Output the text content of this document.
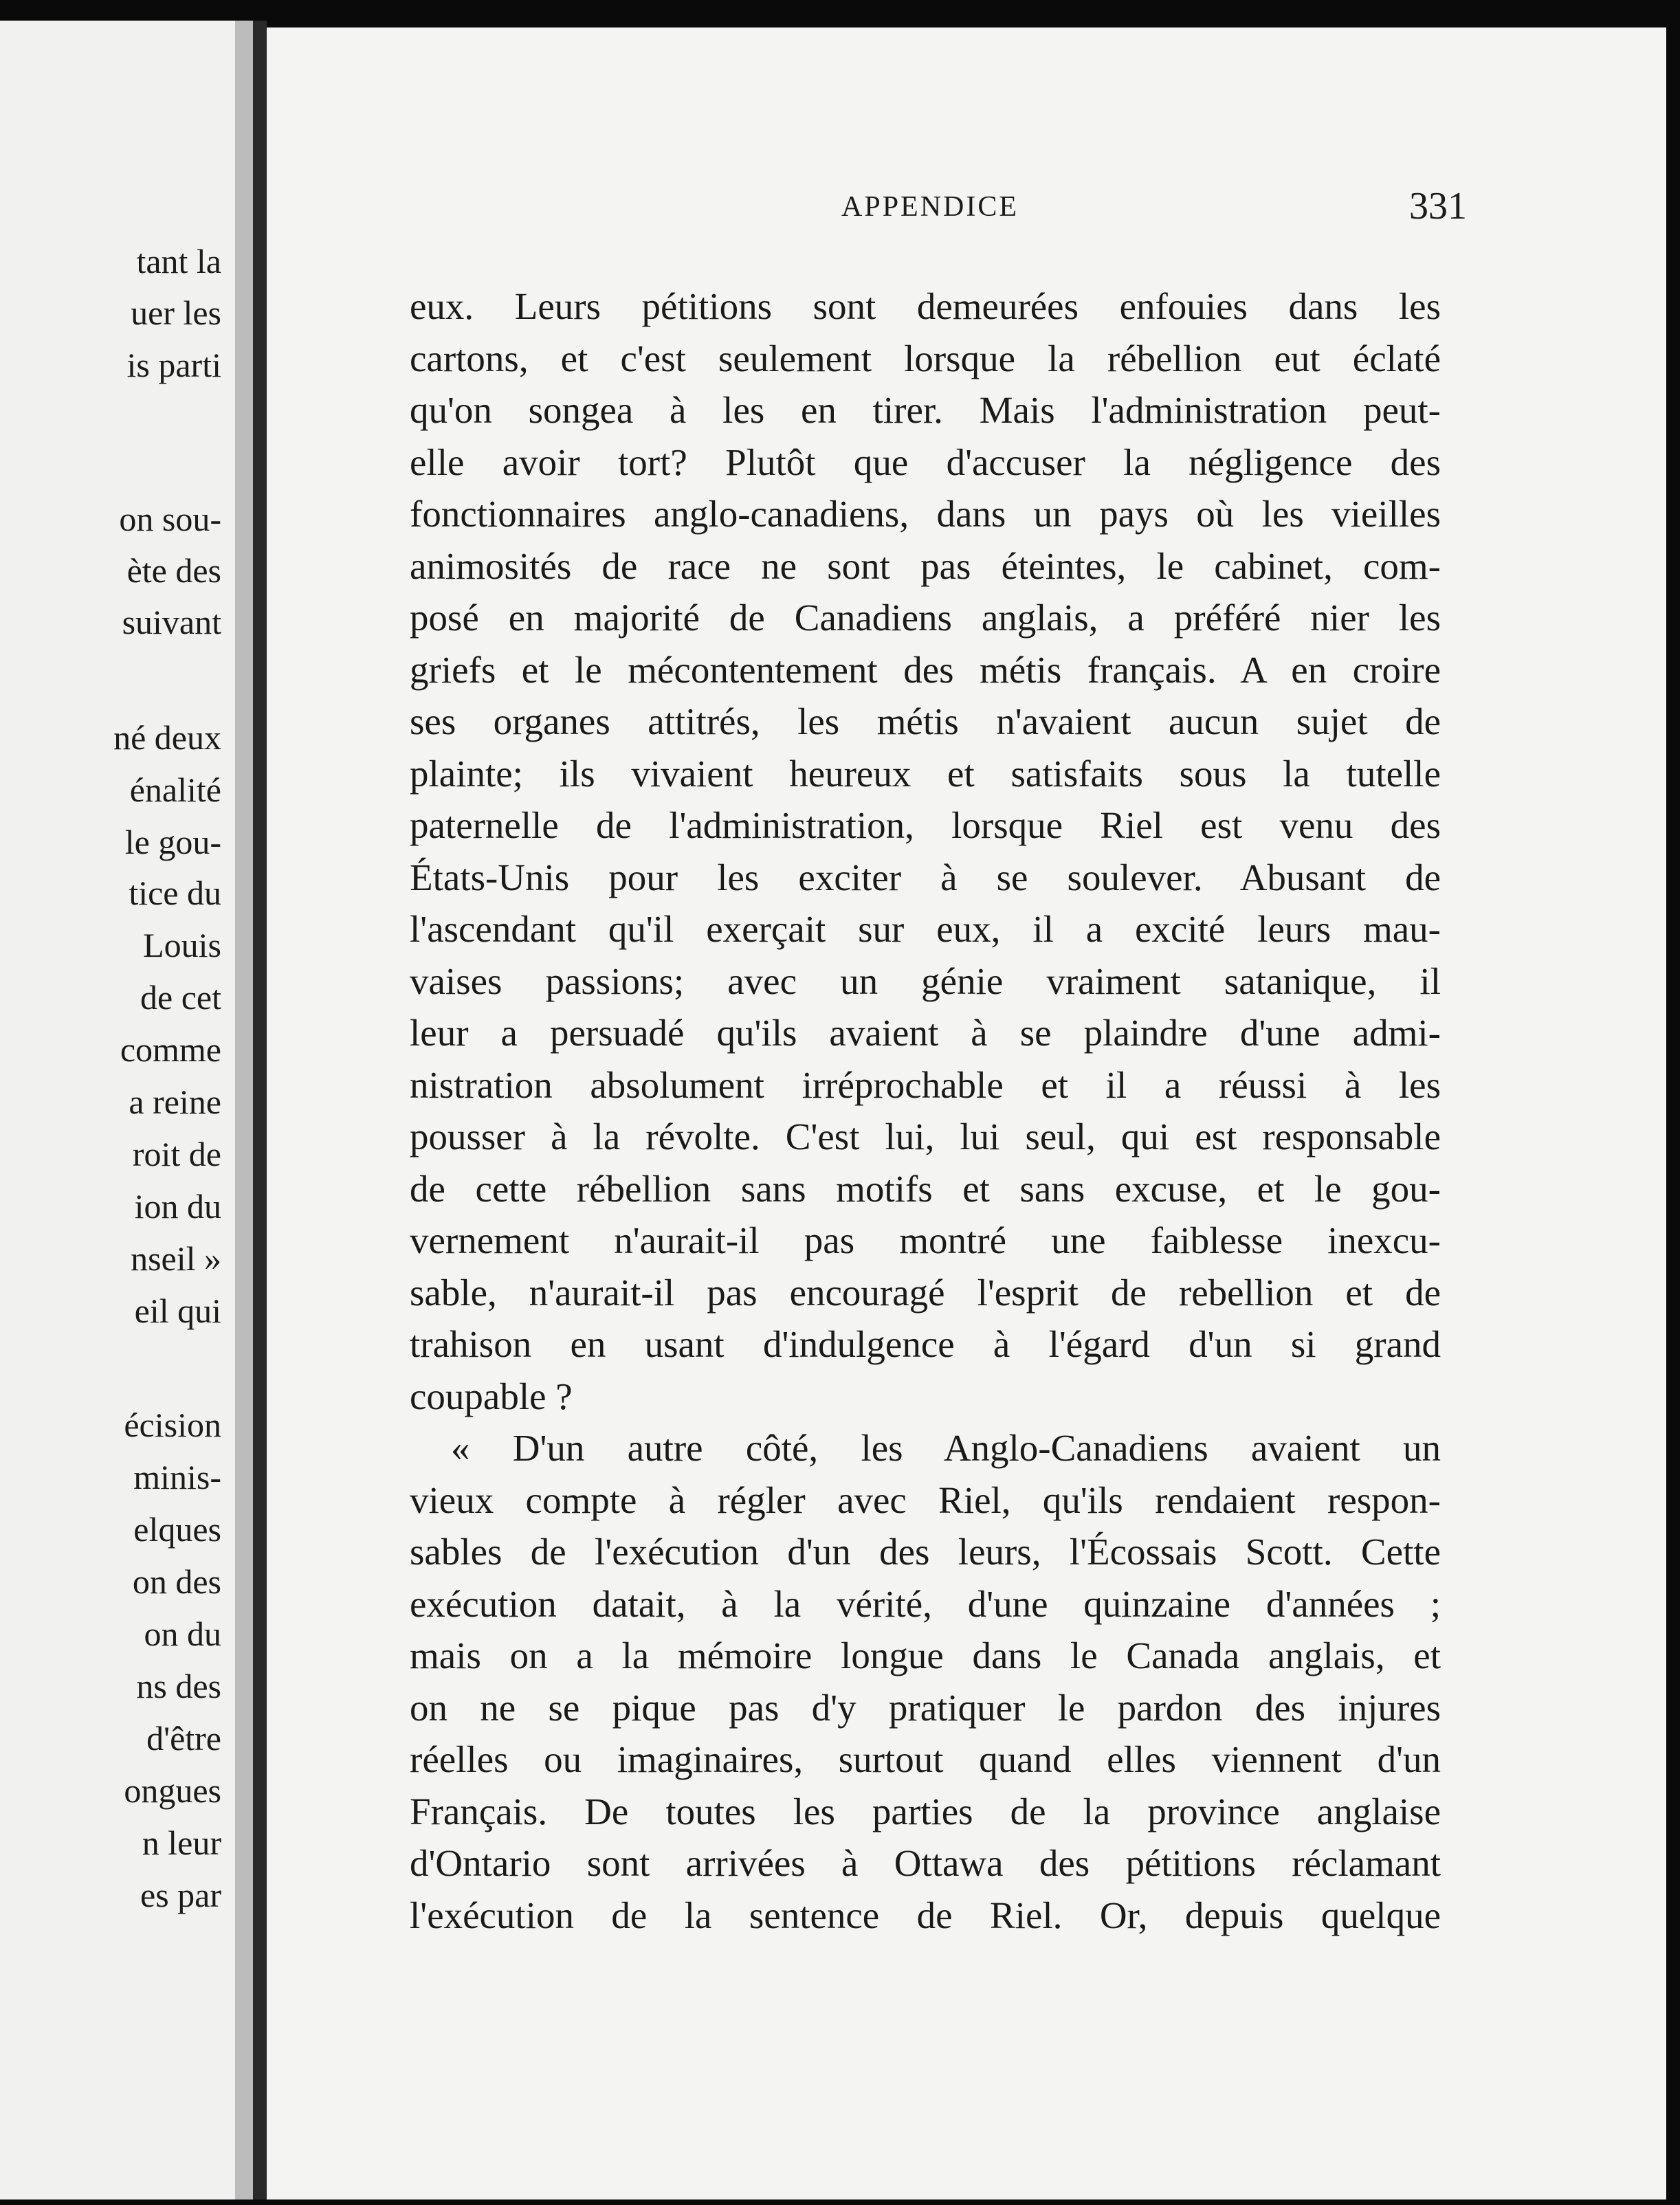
tant la
uer les
is parti
on sou-
ète des
suivant
né deux
énalité
le gou-
tice du
Louis
de cet
comme
a reine
roit de
ion du
nseil »
eil qui
écision
minis-
elques
on des
on du
ns des
d'être
ongues
n leur
es par
APPENDICE	331
eux. Leurs pétitions sont demeurées enfouies dans les
cartons, et c'est seulement lorsque la rébellion eut éclaté
qu'on songea à les en tirer. Mais l'administration peut-
elle avoir tort? Plutôt que d'accuser la négligence des
fonctionnaires anglo-canadiens, dans un pays où les vieilles
animosités de race ne sont pas éteintes, le cabinet, com-
posé en majorité de Canadiens anglais, a préféré nier les
griefs et le mécontentement des métis français. A en croire
ses organes attitrés, les métis n'avaient aucun sujet de
plainte; ils vivaient heureux et satisfaits sous la tutelle
paternelle de l'administration, lorsque Riel est venu des
États-Unis pour les exciter à se soulever. Abusant de
l'ascendant qu'il exerçait sur eux, il a excité leurs mau-
vaises passions; avec un génie vraiment satanique, il
leur a persuadé qu'ils avaient à se plaindre d'une admi-
nistration absolument irréprochable et il a réussi à les
pousser à la révolte. C'est lui, lui seul, qui est responsable
de cette rébellion sans motifs et sans excuse, et le gou-
vernement n'aurait-il pas montré une faiblesse inexcu-
sable, n'aurait-il pas encouragé l'esprit de rebellion et de
trahison en usant d'indulgence à l'égard d'un si grand
coupable ?
« D'un autre côté, les Anglo-Canadiens avaient un
vieux compte à régler avec Riel, qu'ils rendaient respon-
sables de l'exécution d'un des leurs, l'Écossais Scott. Cette
exécution datait, à la vérité, d'une quinzaine d'années ;
mais on a la mémoire longue dans le Canada anglais, et
on ne se pique pas d'y pratiquer le pardon des injures
réelles ou imaginaires, surtout quand elles viennent d'un
Français. De toutes les parties de la province anglaise
d'Ontario sont arrivées à Ottawa des pétitions réclamant
l'exécution de la sentence de Riel. Or, depuis quelque
